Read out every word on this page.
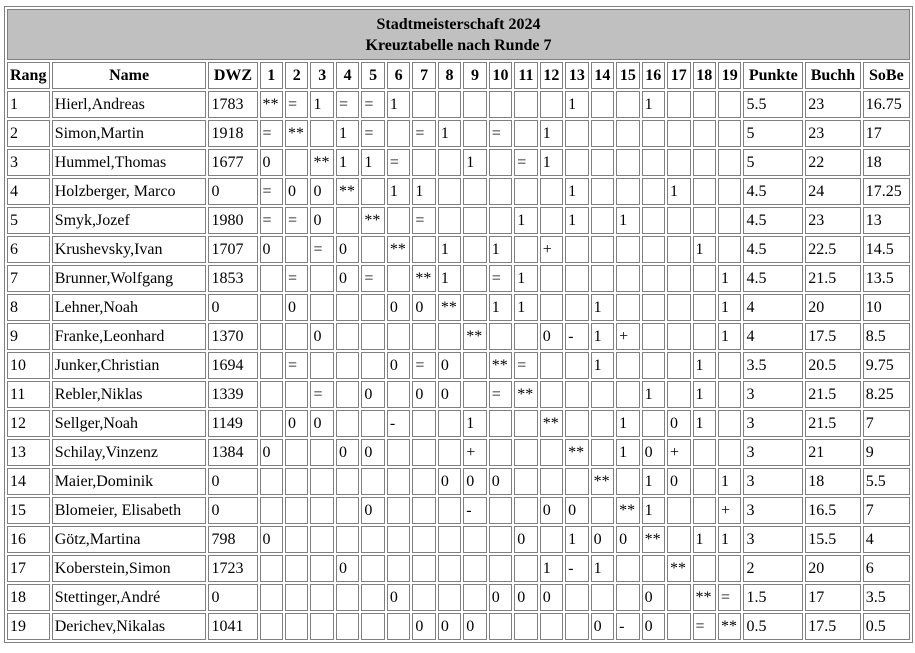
Stadtmeisterschaft 2024
Kreuztabelle nach Runde 7																								

Rang	Name	DWZ	1	2	3	4	5	6	7	8	9	10	11	12	13	14	15	16	17	18	19	Punkte	Buchh	SoBe
1	Hierl,Andreas	1783	**	=	1	=	=	1							1			1				5.5	23	16.75
2	Simon,Martin	1918	=	**		1	=		=	1		=		1								5	23	17
3	Hummel,Thomas	1677	0		**	1	1	=			1		=	1								5	22	18
4	Holzberger, Marco	0	=	0	0	**		1	1						1				1			4.5	24	17.25
5	Smyk,Jozef	1980	=	=	0		**		=				1		1		1					4.5	23	13
6	Krushevsky,Ivan	1707	0		=	0		**		1		1		+						1		4.5	22.5	14.5
7	Brunner,Wolfgang	1853		=		0	=		**	1		=	1								1	4.5	21.5	13.5
8	Lehner,Noah	0		0				0	0	**		1	1			1					1	4	20	10
9	Franke,Leonhard	1370			0						**			0	-	1	+				1	4	17.5	8.5
10	Junker,Christian	1694		=				0	=	0		**	=			1				1		3.5	20.5	9.75
11	Rebler,Niklas	1339			=		0		0	0		=	**					1		1		3	21.5	8.25
12	Sellger,Noah	1149		0	0			-			1			**			1		0	1		3	21.5	7
13	Schilay,Vinzenz	1384	0			0	0				+				**		1	0	+			3	21	9
14	Maier,Dominik	0								0	0	0				**		1	0		1	3	18	5.5
15	Blomeier, Elisabeth	0					0				-			0	0		**	1			+	3	16.5	7
16	Götz,Martina	798	0										0		1	0	0	**		1	1	3	15.5	4
17	Koberstein,Simon	1723				0								1	-	1			**			2	20	6
18	Stettinger,André	0						0				0	0	0				0		**	=	1.5	17	3.5
19	Derichev,Nikalas	1041							0	0	0					0	-	0		=	**	0.5	17.5	0.5
